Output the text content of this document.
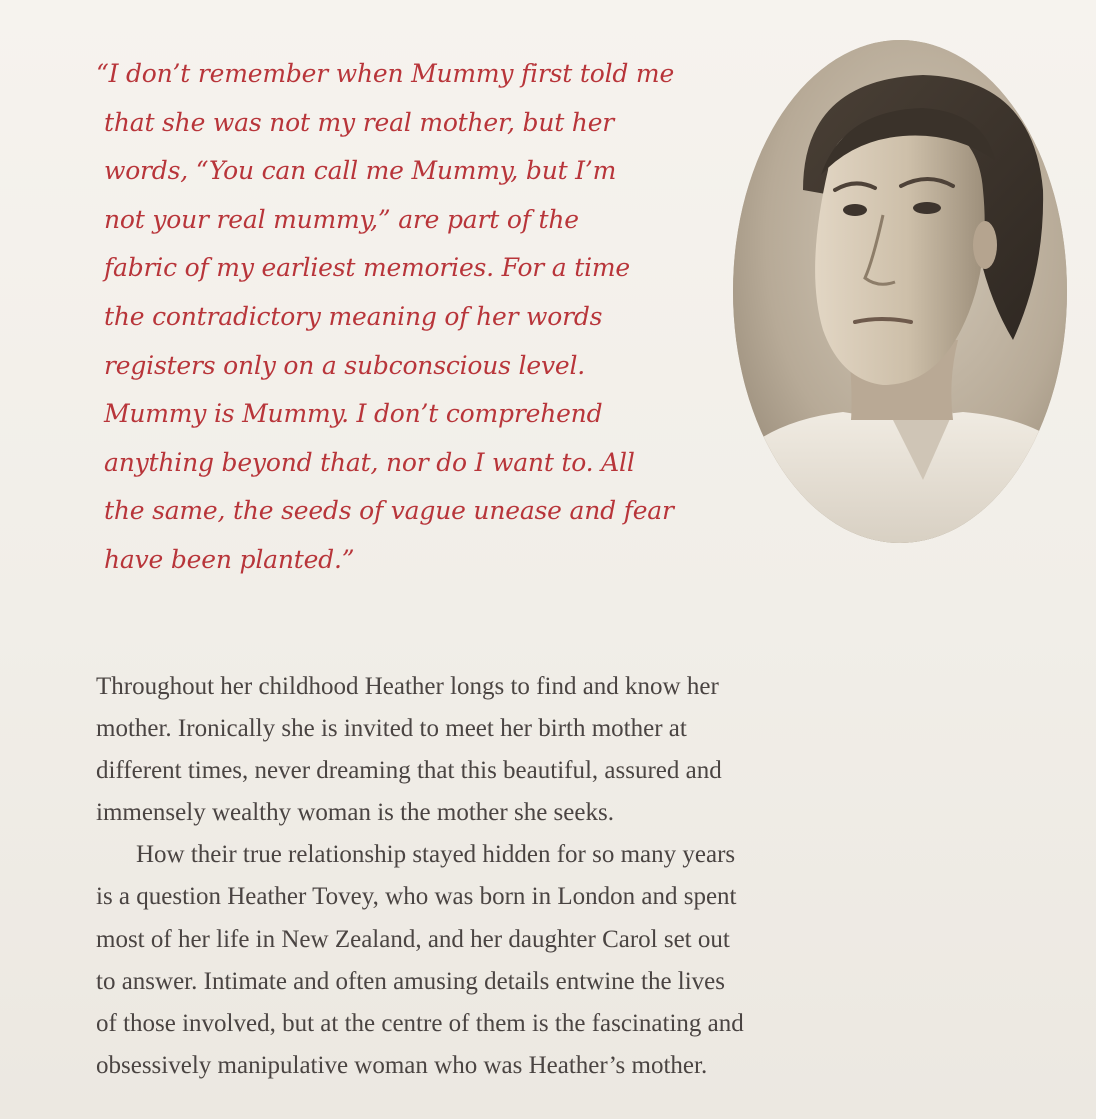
“I don’t remember when Mummy first told me
that she was not my real mother, but her
words, “You can call me Mummy, but I’m
not your real mummy,” are part of the
fabric of my earliest memories. For a time
the contradictory meaning of her words
registers only on a subconscious level.
Mummy is Mummy. I don’t comprehend
anything beyond that, nor do I want to. All
the same, the seeds of vague unease and fear
have been planted.”
Throughout her childhood Heather longs to find and know her
mother. Ironically she is invited to meet her birth mother at
different times, never dreaming that this beautiful, assured and
immensely wealthy woman is the mother she seeks.
How their true relationship stayed hidden for so many years
is a question Heather Tovey, who was born in London and spent
most of her life in New Zealand, and her daughter Carol set out
to answer. Intimate and often amusing details entwine the lives
of those involved, but at the centre of them is the fascinating and
obsessively manipulative woman who was Heather’s mother.
